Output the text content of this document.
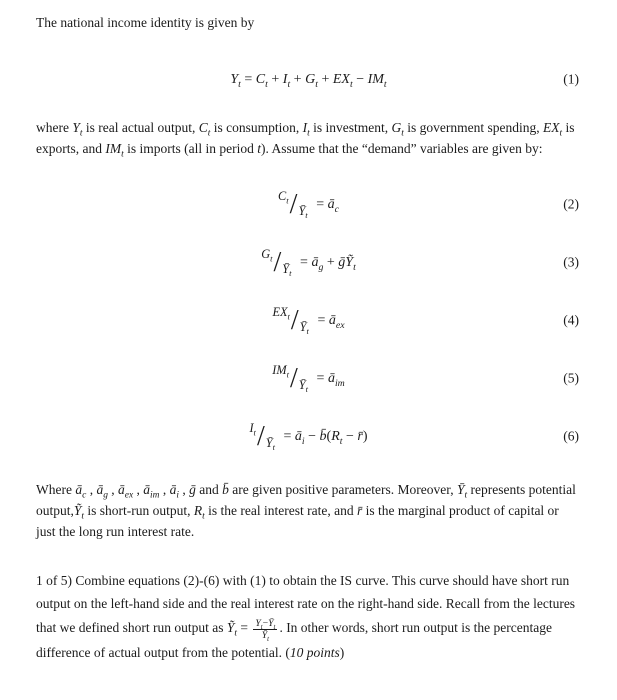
The national income identity is given by

$Y_t = C_t + I_t + G_t + EX_t - IM_t$	(1)

where $Y_t$ is real actual output, $C_t$ is consumption, $I_t$ is investment, $G_t$ is government spending, $EX_t$ is exports, and $IM_t$ is imports (all in period t). Assume that the “demand” variables are given by:

$C_t$ / $Ȳ_t$
= $ā_c$	(2)
$G_t$ / $Ȳ_t$
= $ā_g$ + ḡỸ$_t$	(3)
$EX_t$ / $Ȳ_t$
= $ā_{ex}$	(4)
$IM_t$ / $Ȳ_t$
= $ā_{im}$	(5)
$I_t$ / $Ȳ_t$
= $ā_i$ − $b̄(R_t$ − r̄)	(6)

Where $ā_c$ , $ā_g$ , $ā_{ex}$ , $ā_{im}$ , $ā_i$ , ḡ and b̄ are given positive parameters. Moreover, $Ȳ_t$ represents potential output,Ỹ$_t$ is short-run output, $R_t$ is the real interest rate, and r̄ is the marginal product of capital or just the long run interest rate.

1 of 5) Combine equations (2)-(6) with (1) to obtain the IS curve. This curve should have short run output on the left-hand side and the real interest rate on the right-hand side. Recall from the lectures that we defined short run output as Ỹ$_t$ = $\frac{Y_t-Ȳ_t}{Ȳ_t}$ . In other words, short run output is the percentage difference of actual output from the potential. (10 points)
